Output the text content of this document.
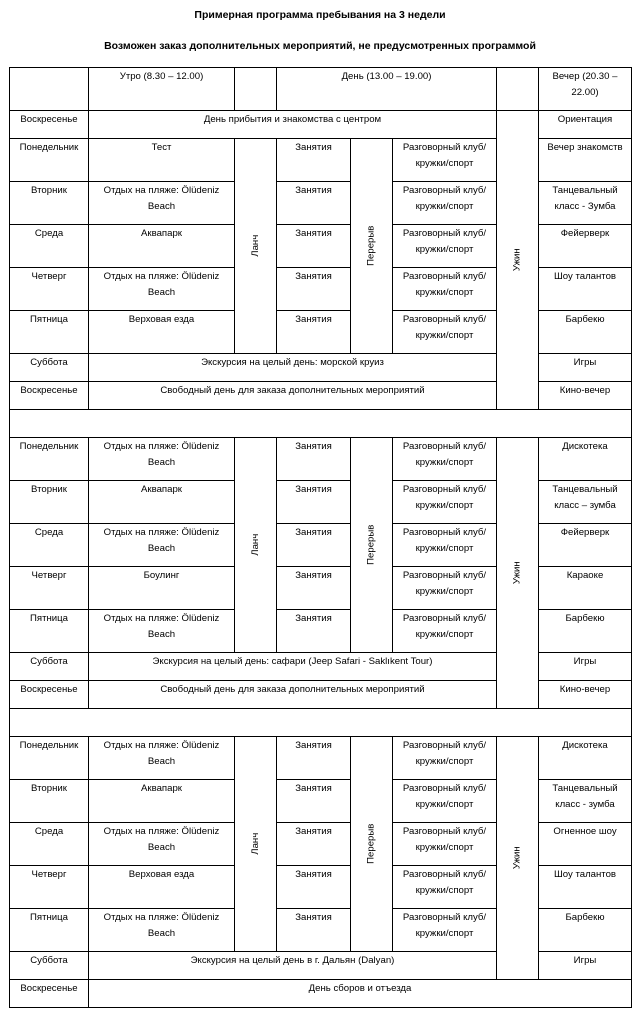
Примерная программа пребывания на 3 недели
Возможен заказ дополнительных мероприятий, не предусмотренных программой
	Утро (8.30 – 12.00)		День (13.00 – 19.00)				Вечер (20.30 – 22.00)
Воскресенье	День прибытия и знакомства с центром					Ужин	Ориентация
Понедельник	Тест	Ланч	Занятия	Перерыв	Разговорный клуб/кружки/спорт		Вечер знакомств
Вторник	Отдых на пляже: Ölüdeniz Beach		Занятия		Разговорный клуб/кружки/спорт		Танцевальный класс - Зумба
Среда	Аквапарк		Занятия		Разговорный клуб/кружки/спорт		Фейерверк
Четверг	Отдых на пляже: Ölüdeniz Beach		Занятия		Разговорный клуб/кружки/спорт		Шоу талантов
Пятница	Верховая езда		Занятия		Разговорный клуб/кружки/спорт		Барбекю
Суббота	Экскурсия на целый день: морской круиз						Игры
Воскресенье	Свободный день для заказа дополнительных мероприятий						Кино-вечер

Понедельник	Отдых на пляже: Ölüdeniz Beach	Ланч	Занятия	Перерыв	Разговорный клуб/кружки/спорт	Ужин	Дискотека
Вторник	Аквапарк		Занятия		Разговорный клуб/кружки/спорт		Танцевальный класс – зумба
Среда	Отдых на пляже: Ölüdeniz Beach		Занятия		Разговорный клуб/кружки/спорт		Фейерверк
Четверг	Боулинг		Занятия		Разговорный клуб/кружки/спорт		Караоке
Пятница	Отдых на пляже: Ölüdeniz Beach		Занятия		Разговорный клуб/кружки/спорт		Барбекю
Суббота	Экскурсия на целый день: сафари (Jeep Safari - Saklıkent Tour)						Игры
Воскресенье	Свободный день для заказа дополнительных мероприятий						Кино-вечер

Понедельник	Отдых на пляже: Ölüdeniz Beach	Ланч	Занятия	Перерыв	Разговорный клуб/кружки/спорт	Ужин	Дискотека
Вторник	Аквапарк		Занятия		Разговорный клуб/кружки/спорт		Танцевальный класс - зумба
Среда	Отдых на пляже: Ölüdeniz Beach		Занятия		Разговорный клуб/кружки/спорт		Огненное шоу
Четверг	Верховая езда		Занятия		Разговорный клуб/кружки/спорт		Шоу талантов
Пятница	Отдых на пляже: Ölüdeniz Beach		Занятия		Разговорный клуб/кружки/спорт		Барбекю
Суббота	Экскурсия на целый день в г. Дальян (Dalyan)						Игры
Воскресенье	День сборов и отъезда						
